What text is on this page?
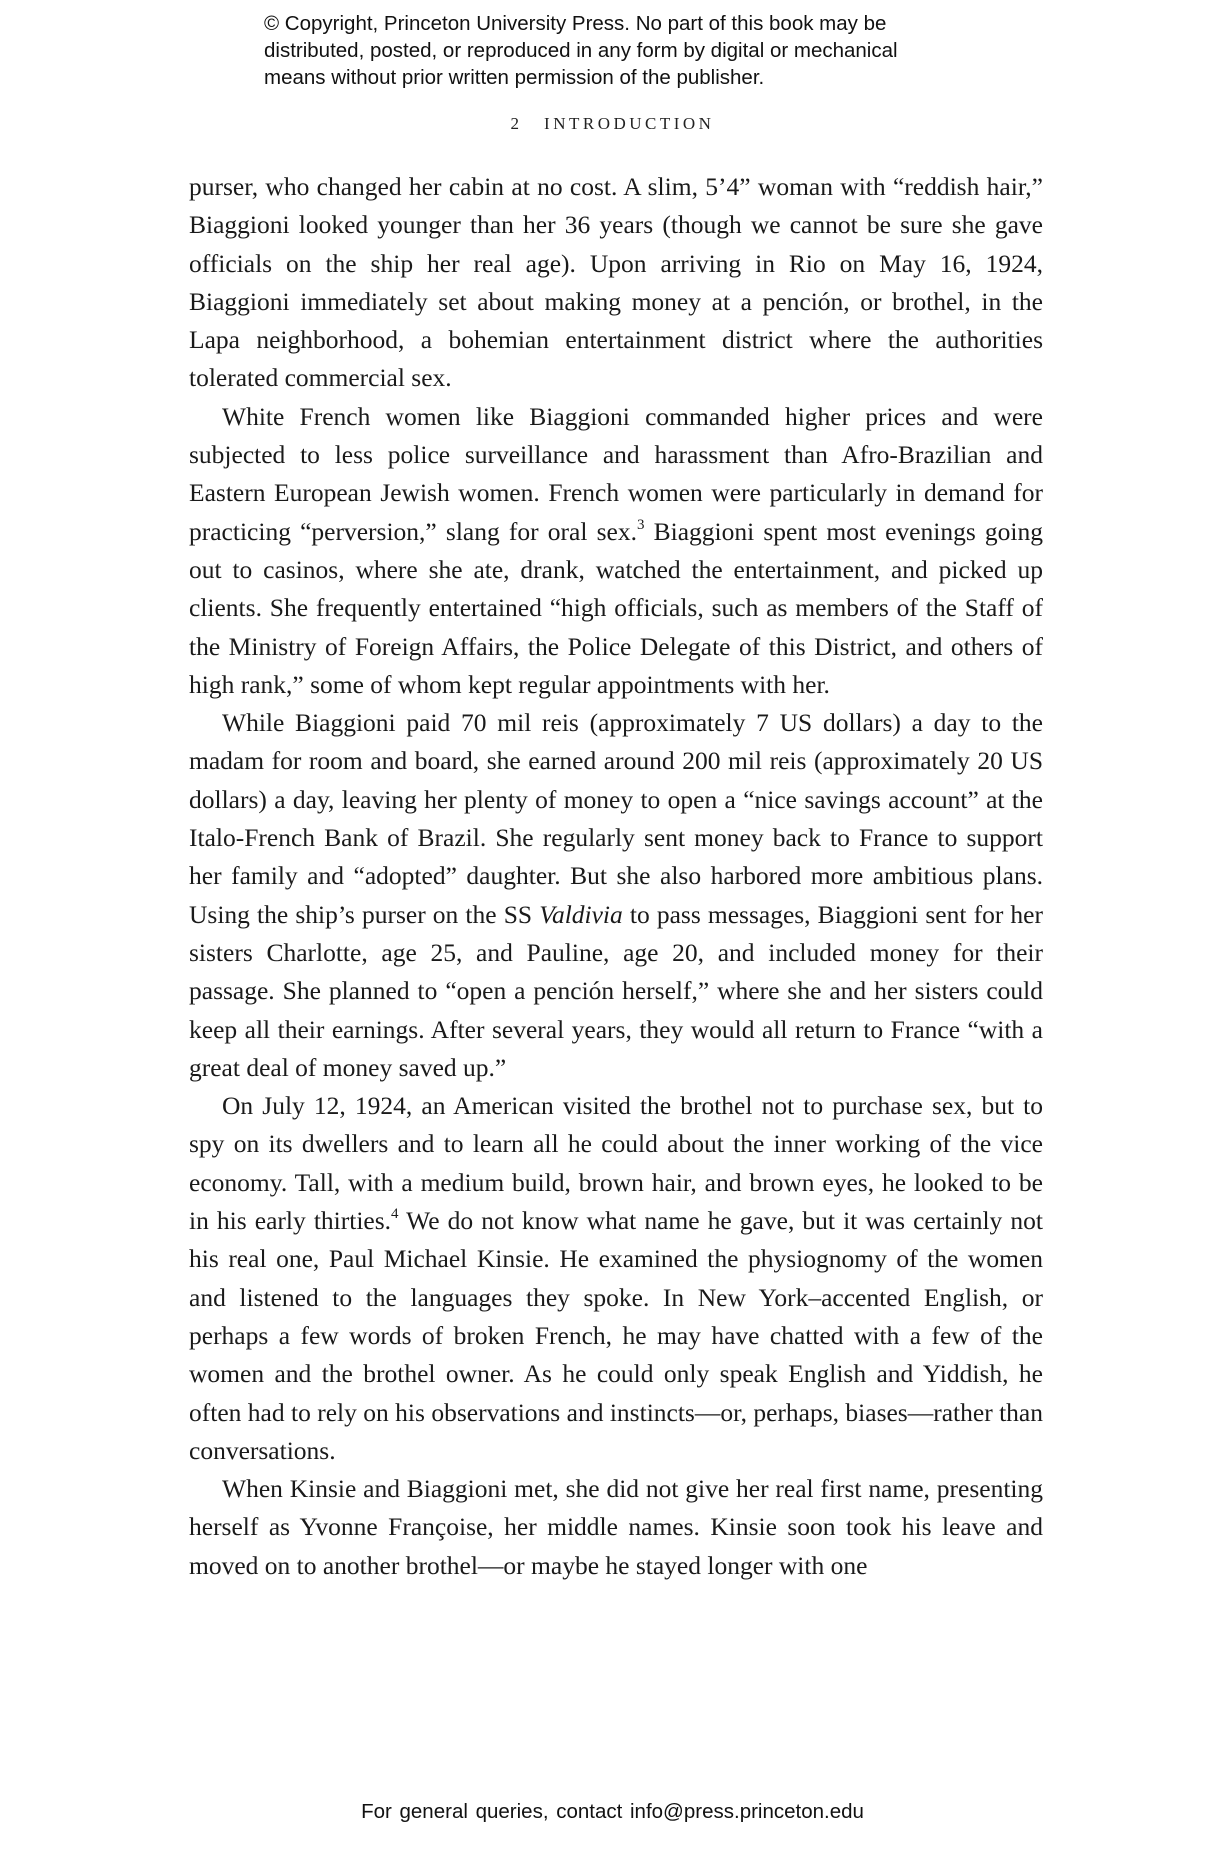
© Copyright, Princeton University Press. No part of this book may be
distributed, posted, or reproduced in any form by digital or mechanical
means without prior written permission of the publisher.
2 INTRODUCTION

purser, who changed her cabin at no cost. A slim, 5’4” woman with “reddish hair,” Biaggioni looked younger than her 36 years (though we cannot be sure she gave officials on the ship her real age). Upon arriving in Rio on May 16, 1924, Biaggioni immediately set about making money at a pención, or brothel, in the Lapa neighborhood, a bohemian entertainment district where the authorities tolerated commercial sex.

White French women like Biaggioni commanded higher prices and were subjected to less police surveillance and harassment than Afro-Brazilian and Eastern European Jewish women. French women were particularly in demand for practicing “perversion,” slang for oral sex.$^3$ Biaggioni spent most evenings going out to casinos, where she ate, drank, watched the entertainment, and picked up clients. She frequently entertained “high officials, such as members of the Staff of the Ministry of Foreign Affairs, the Police Delegate of this District, and others of high rank,” some of whom kept regular appointments with her.

While Biaggioni paid 70 mil reis (approximately 7 US dollars) a day to the madam for room and board, she earned around 200 mil reis (approximately 20 US dollars) a day, leaving her plenty of money to open a “nice savings account” at the Italo-French Bank of Brazil. She regularly sent money back to France to support her family and “adopted” daughter. But she also harbored more ambitious plans. Using the ship’s purser on the SS Valdivia to pass messages, Biaggioni sent for her sisters Charlotte, age 25, and Pauline, age 20, and included money for their passage. She planned to “open a pención herself,” where she and her sisters could keep all their earnings. After several years, they would all return to France “with a great deal of money saved up.”

On July 12, 1924, an American visited the brothel not to purchase sex, but to spy on its dwellers and to learn all he could about the inner working of the vice economy. Tall, with a medium build, brown hair, and brown eyes, he looked to be in his early thirties.$^4$ We do not know what name he gave, but it was certainly not his real one, Paul Michael Kinsie. He examined the physiognomy of the women and listened to the languages they spoke. In New York–accented English, or perhaps a few words of broken French, he may have chatted with a few of the women and the brothel owner. As he could only speak English and Yiddish, he often had to rely on his observations and instincts—or, perhaps, biases—rather than conversations.

When Kinsie and Biaggioni met, she did not give her real first name, presenting herself as Yvonne Françoise, her middle names. Kinsie soon took his leave and moved on to another brothel—or maybe he stayed longer with one

For general queries, contact info@press.princeton.edu
